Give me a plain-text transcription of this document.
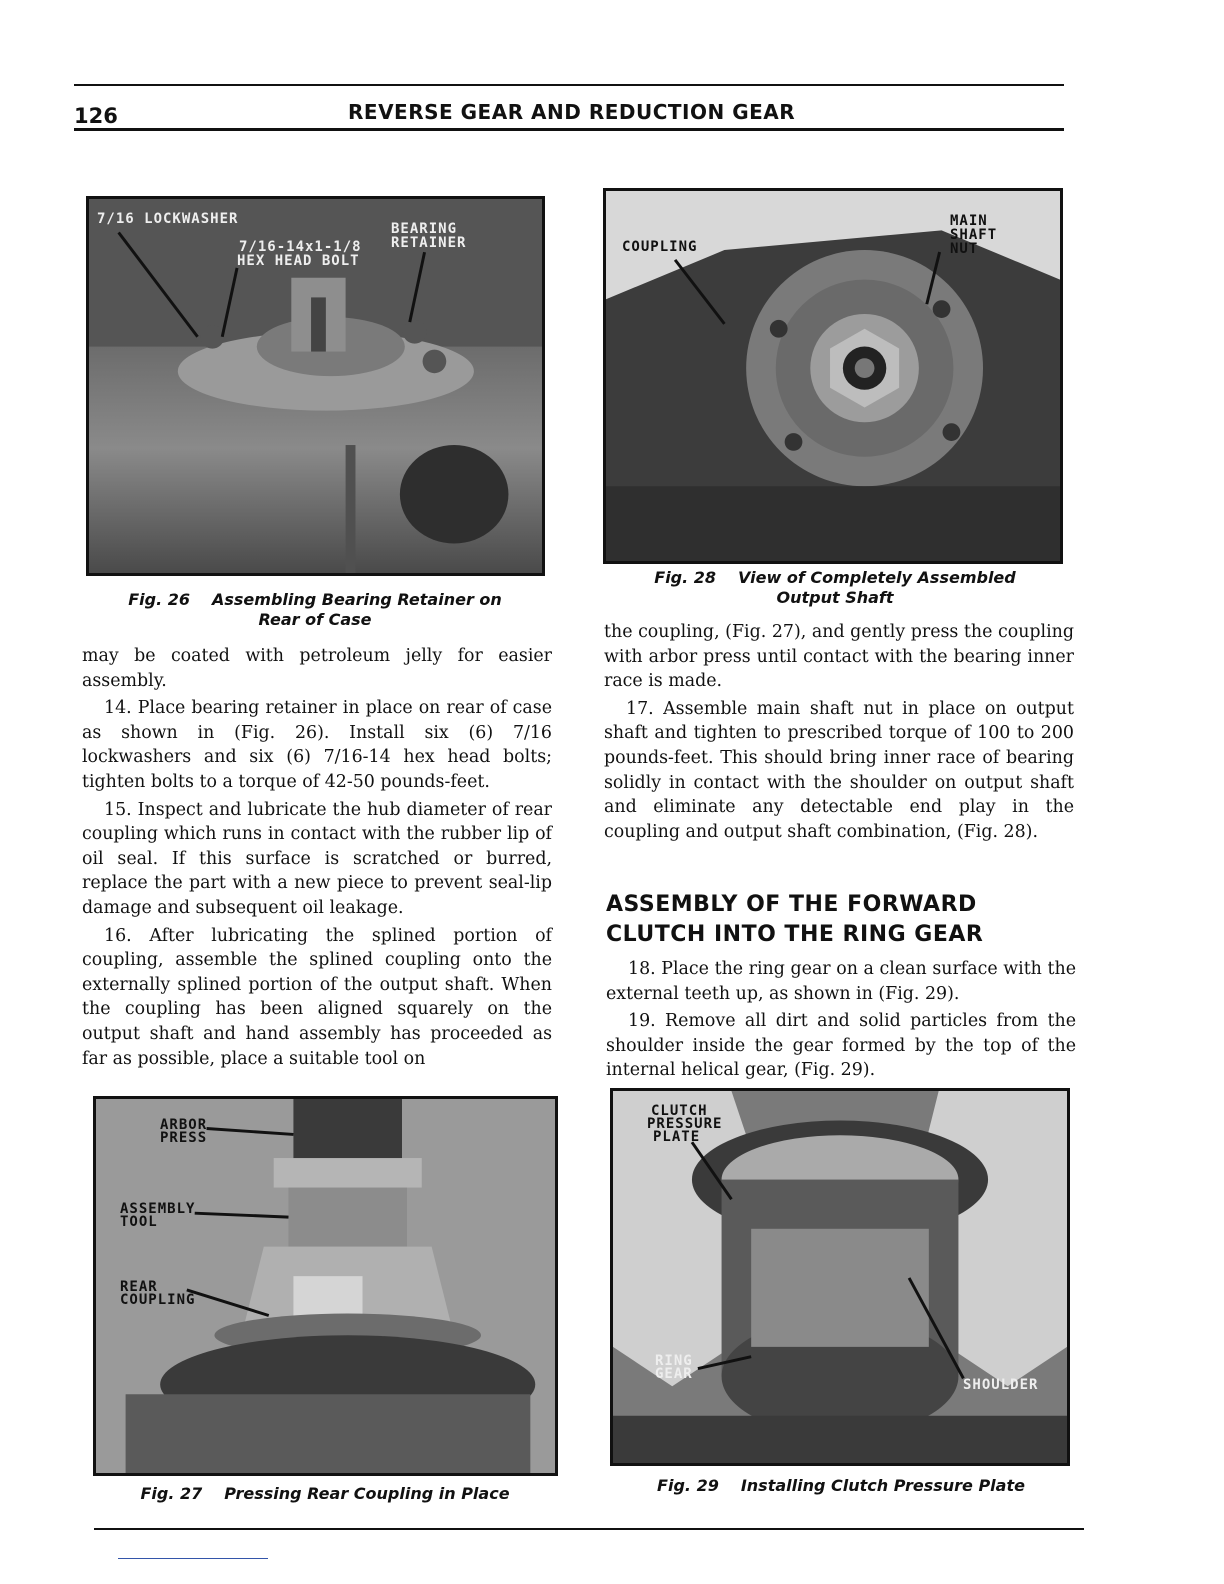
126	REVERSE GEAR AND REDUCTION GEAR
7/16 LOCKWASHER
7/16-14x1-1/8
HEX HEAD BOLT
BEARING
RETAINER
Fig. 26 Assembling Bearing Retainer on
Rear of Case
COUPLING
MAIN
SHAFT
NUT
Fig. 28 View of Completely Assembled
Output Shaft

may be coated with petroleum jelly for easier assembly.

14. Place bearing retainer in place on rear of case as shown in (Fig. 26). Install six (6) 7/16 lockwashers and six (6) 7/16-14 hex head bolts; tighten bolts to a torque of 42-50 pounds-feet.

15. Inspect and lubricate the hub diameter of rear coupling which runs in contact with the rubber lip of oil seal. If this surface is scratched or burred, replace the part with a new piece to prevent seal-lip damage and subsequent oil leakage.

16. After lubricating the splined portion of coupling, assemble the splined coupling onto the externally splined portion of the output shaft. When the coupling has been aligned squarely on the output shaft and hand assembly has proceeded as far as possible, place a suitable tool on

the coupling, (Fig. 27), and gently press the coupling with arbor press until contact with the bearing inner race is made.

17. Assemble main shaft nut in place on output shaft and tighten to prescribed torque of 100 to 200 pounds-feet. This should bring inner race of bearing solidly in contact with the shoulder on output shaft and eliminate any detectable end play in the coupling and output shaft combination, (Fig. 28).

ASSEMBLY OF THE FORWARD
CLUTCH INTO THE RING GEAR

18. Place the ring gear on a clean surface with the external teeth up, as shown in (Fig. 29).

19. Remove all dirt and solid particles from the shoulder inside the gear formed by the top of the internal helical gear, (Fig. 29).

ARBOR
PRESS
ASSEMBLY
TOOL
REAR
COUPLING
Fig. 27 Pressing Rear Coupling in Place
CLUTCH
PRESSURE
PLATE
RING
GEAR
SHOULDER
Fig. 29 Installing Clutch Pressure Plate
